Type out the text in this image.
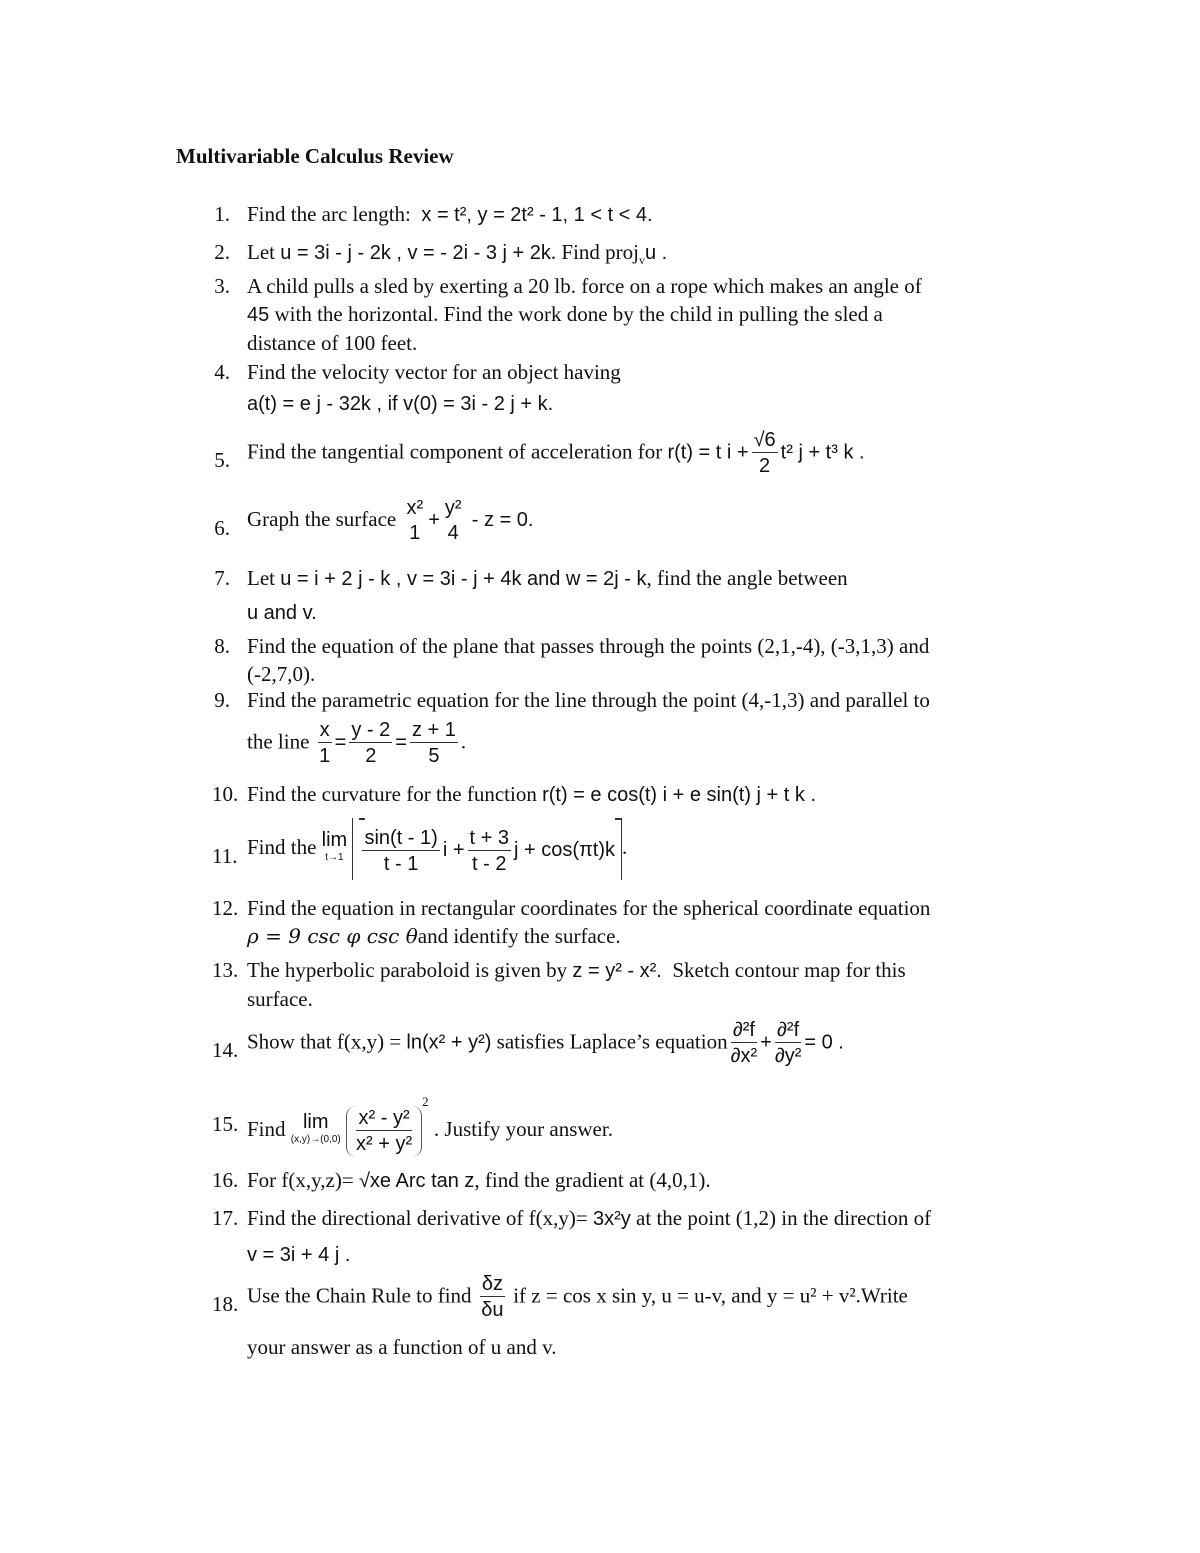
Multivariable Calculus Review
1. Find the arc length: x = t², y = 2t² - 1, 1 < t < 4.
2. Let u = 3i - j - 2k , v = - 2i - 3 j + 2k. Find proj$_v$u .
3. A child pulls a sled by exerting a 20 lb. force on a rope which makes an angle of
45 with the horizontal. Find the work done by the child in pulling the sled a
distance of 100 feet.
4. Find the velocity vector for an object having
a(t) = e j - 32k , if v(0) = 3i - 2 j + k.
5. Find the tangential component of acceleration for r(t) = t $i + \frac{√6}{2} t^2$ j + t³ k .
6. Graph the surface x²
1
+
y²
4
- z = 0.
7. Let u = i + 2 j - k , v = 3i - j + 4k and w = 2j - k, find the angle between
u and v.
8. Find the equation of the plane that passes through the points (2,1,-4), (-3,1,3) and
(-2,7,0).
9. Find the parametric equation for the line through the point (4,-1,3) and parallel to
the line $\frac{x}{1} = \frac{y - 2}{2} = \frac{z + 1}{5}$ .
10. Find the curvature for the function r(t) = e cos(t) i + e sin(t) j + t k .
11. Find the lim
t→1
$\frac{\sin(t - 1)}{t - 1}$ $i + \frac{t + 3}{t - 2}$ j + cos(πt)k .
12. Find the equation in rectangular coordinates for the spherical coordinate equation
ρ = 9 csc φ csc θand identify the surface.
13. The hyperbolic paraboloid is given by z = y² - x². Sketch contour map for this
surface.
14. Show that f(x,y) = ln(x² + y²) satisfies Laplace’s equation $\frac{\text{∂²f}}{\text{∂x²}} + \frac{\text{∂²f}}{\text{∂y²}} = 0$ .
15. Find lim
(x,y)→(0,0)
$\frac{\text{x² - y²}}{\text{x² + y²}}$
$^2$ . Justify your answer.
16. For f(x,y,z)= √xe Arc tan z, find the gradient at (4,0,1).
17. Find the directional derivative of f(x,y)= 3x²y at the point (1,2) in the direction of
v = 3i + 4 j .
18. Use the Chain Rule to find $\frac{\delta z}{\delta u}$ if z = cos x sin y, u = u-v, and y = u² + v².Write
your answer as a function of u and v.
